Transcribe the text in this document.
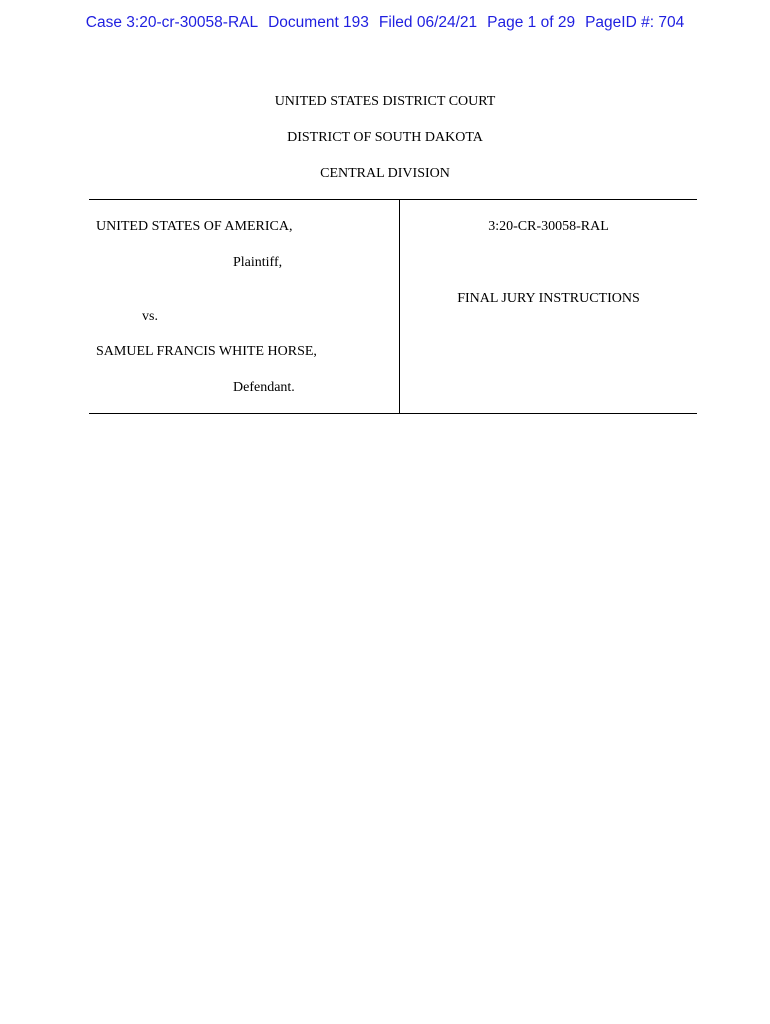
Case 3:20-cr-30058-RAL Document 193 Filed 06/24/21 Page 1 of 29 PageID #: 704
UNITED STATES DISTRICT COURT
DISTRICT OF SOUTH DAKOTA
CENTRAL DIVISION
UNITED STATES OF AMERICA,
Plaintiff,
vs.
SAMUEL FRANCIS WHITE HORSE,
Defendant.
3:20-CR-30058-RAL
FINAL JURY INSTRUCTIONS
